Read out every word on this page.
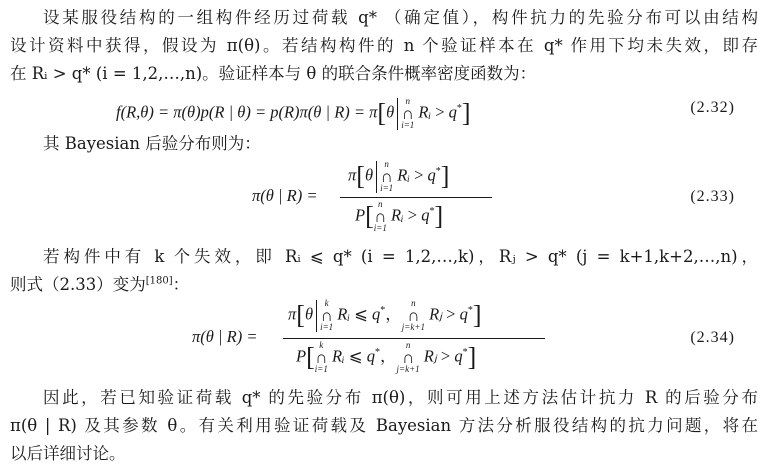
设某服役结构的一组构件经历过荷载 q* （确定值），构件抗力的先验分布可以由结构

设计资料中获得，假设为 π(θ)。若结构构件的 n 个验证样本在 q* 作用下均未失效，即存

在 Rᵢ > q* (i = 1,2,…,n)。验证样本与 θ 的联合条件概率密度函数为：

f(R,θ) = π(θ)p(R | θ) = p(R)π(θ | R) = π[θ
n
∩
i=1
Rᵢ > q*]	(2.32)

其 Bayesian 后验分布则为：

π(θ | R) =
π[θ
n
∩
i=1
Rᵢ > q*]
P[ n
∩
i=1
Rᵢ > q*]
(2.33)

若构件中有 k 个失效，即 Rᵢ ⩽ q* (i = 1,2,…,k)，Rⱼ > q* (j = k+1,k+2,…,n)，

则式（2.33）变为[180]：

π(θ | R) =
π[θ
k
∩
i=1
Rᵢ ⩽ q*，
n
∩
j=k+1
Rⱼ > q*]
P[ k
∩
i=1
Rᵢ ⩽ q*，
n
∩
j=k+1
Rⱼ > q*]
(2.34)

因此，若已知验证荷载 q* 的先验分布 π(θ)，则可用上述方法估计抗力 R 的后验分布

π(θ | R) 及其参数 θ。有关利用验证荷载及 Bayesian 方法分析服役结构的抗力问题，将在

以后详细讨论。
